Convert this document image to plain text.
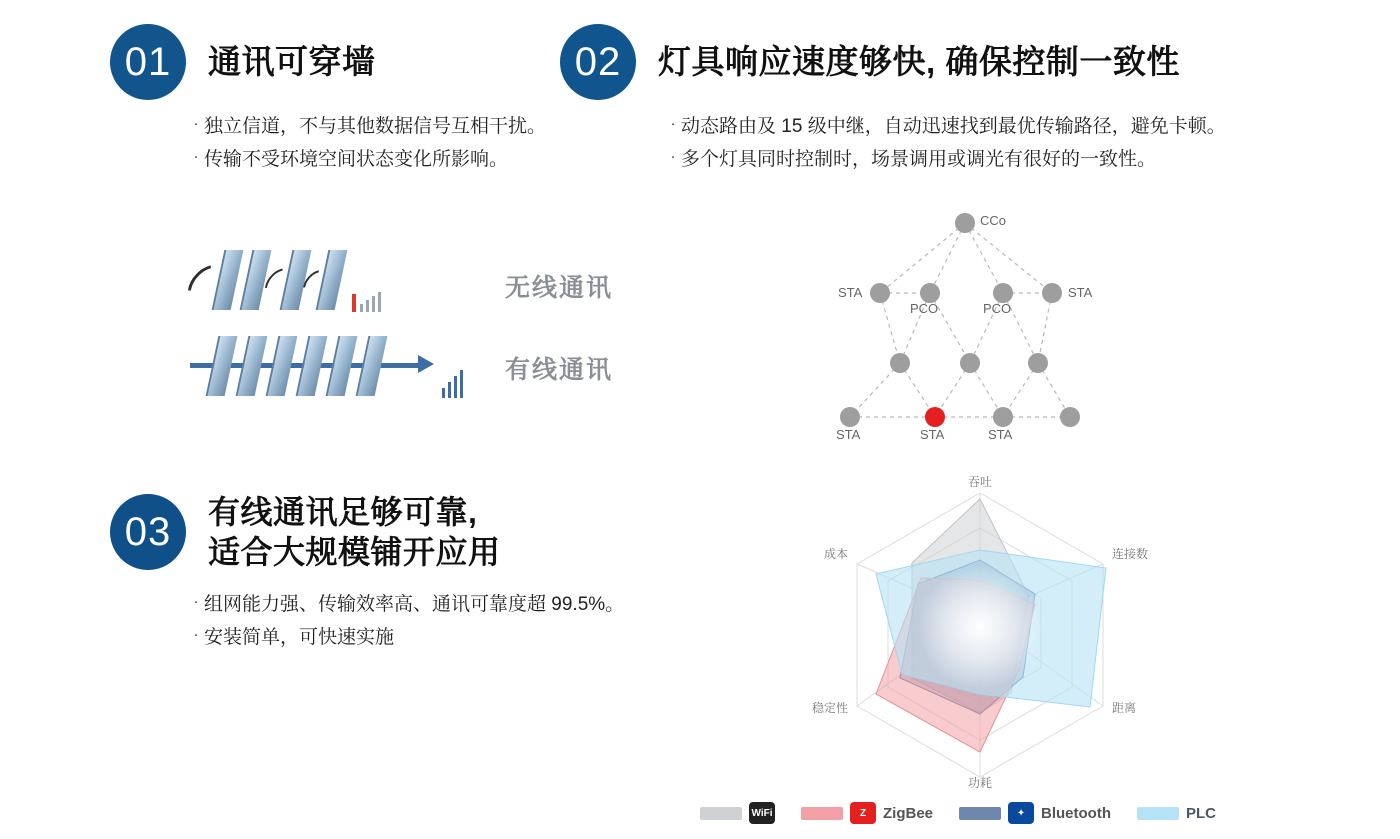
01	通讯可穿墙
· 独立信道，不与其他数据信号互相干扰。
· 传输不受环境空间状态变化所影响。
无线通讯
有线通讯
02	灯具响应速度够快, 确保控制一致性
· 动态路由及 15 级中继，自动迅速找到最优传输路径，避免卡顿。
· 多个灯具同时控制时，场景调用或调光有很好的一致性。
CCo
STA
PCO	PCO
STA
STA	STA	STA
03	有线通讯足够可靠,
适合大规模铺开应用
· 组网能力强、传输效率高、通讯可靠度超 99.5%。
· 安装简单，可快速实施
吞吐
连接数
距离
功耗
稳定性
成本
WiFi	Z	ZigBee	✦	Bluetooth	PLC
